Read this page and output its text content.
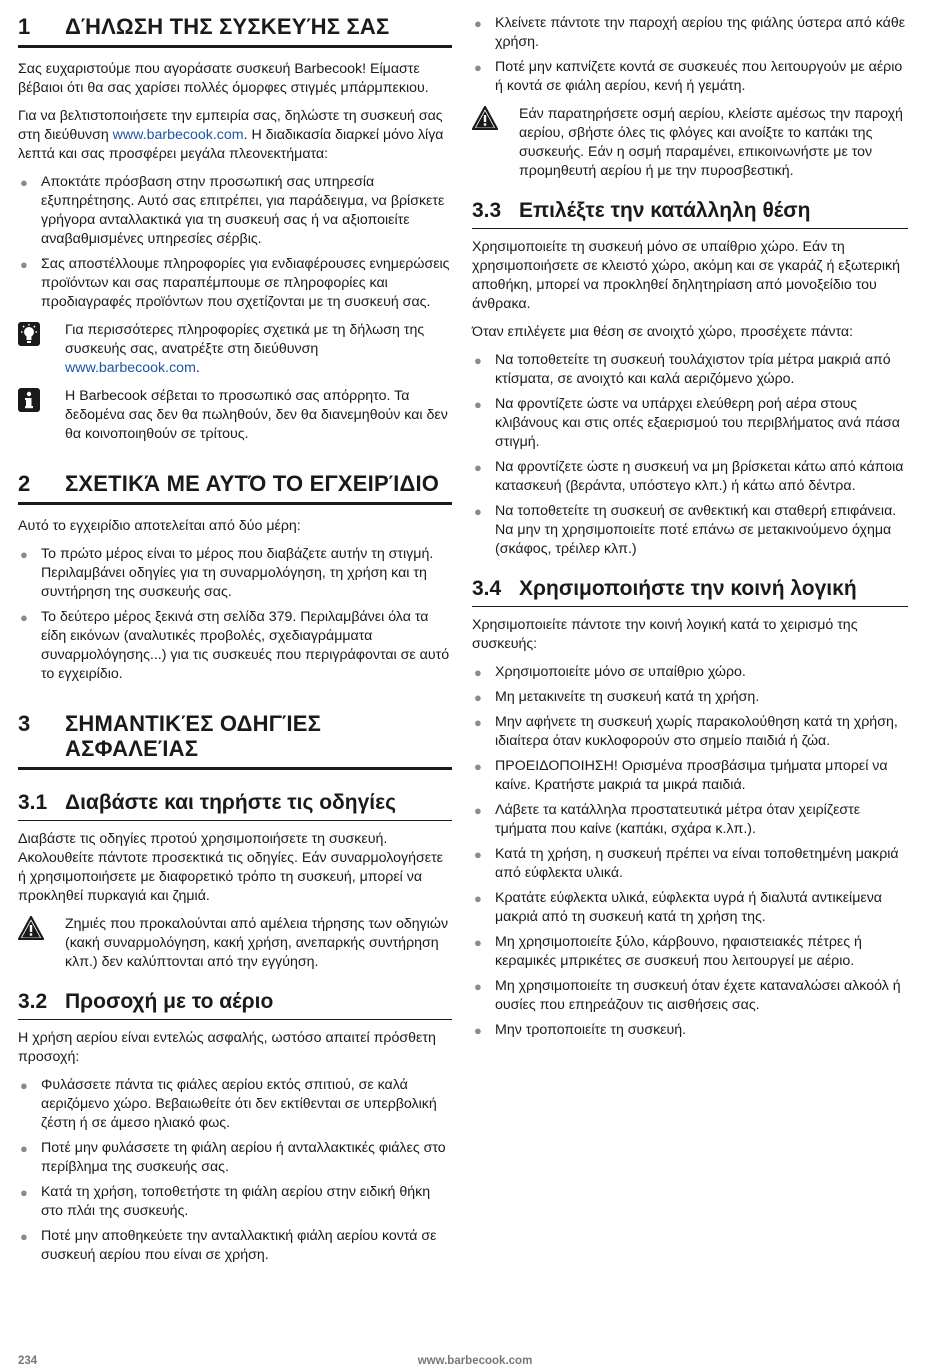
1	ΔΉΛΩΣΗ ΤΗΣ ΣΥΣΚΕΥΉΣ ΣΑΣ

Σας ευχαριστούμε που αγοράσατε συσκευή Barbecook! Είμαστε βέβαιοι ότι θα σας χαρίσει πολλές όμορφες στιγμές μπάρμπεκιου.

Για να βελτιστοποιήσετε την εμπειρία σας, δηλώστε τη συσκευή σας στη διεύθυνση www.barbecook.com. Η διαδικασία διαρκεί μόνο λίγα λεπτά και σας προσφέρει μεγάλα πλεονεκτήματα:

● Αποκτάτε πρόσβαση στην προσωπική σας υπηρεσία εξυπηρέτησης. Αυτό σας επιτρέπει, για παράδειγμα, να βρίσκετε γρήγορα ανταλλακτικά για τη συσκευή σας ή να αξιοποιείτε αναβαθμισμένες υπηρεσίες σέρβις.
● Σας αποστέλλουμε πληροφορίες για ενδιαφέρουσες ενημερώσεις προϊόντων και σας παραπέμπουμε σε πληροφορίες και προδιαγραφές προϊόντων που σχετίζονται με τη συσκευή σας.
Για περισσότερες πληροφορίες σχετικά με τη δήλωση της συσκευής σας, ανατρέξτε στη διεύθυνση www.barbecook.com.
Η Barbecook σέβεται το προσωπικό σας απόρρητο. Τα δεδομένα σας δεν θα πωληθούν, δεν θα διανεμηθούν και δεν θα κοινοποιηθούν σε τρίτους.
2	ΣΧΕΤΙΚΆ ΜΕ ΑΥΤΌ ΤΟ ΕΓΧΕΙΡΊΔΙΟ

Αυτό το εγχειρίδιο αποτελείται από δύο μέρη:

● Το πρώτο μέρος είναι το μέρος που διαβάζετε αυτήν τη στιγμή. Περιλαμβάνει οδηγίες για τη συναρμολόγηση, τη χρήση και τη συντήρηση της συσκευής σας.
● Το δεύτερο μέρος ξεκινά στη σελίδα 379. Περιλαμβάνει όλα τα είδη εικόνων (αναλυτικές προβολές, σχεδιαγράμματα συναρμολόγησης...) για τις συσκευές που περιγράφονται σε αυτό το εγχειρίδιο.
3	ΣΗΜΑΝΤΙΚΈΣ ΟΔΗΓΊΕΣ
ΑΣΦΑΛΕΊΑΣ
3.1 Διαβάστε και τηρήστε τις οδηγίες

Διαβάστε τις οδηγίες προτού χρησιμοποιήσετε τη συσκευή. Ακολουθείτε πάντοτε προσεκτικά τις οδηγίες. Εάν συναρμολογήσετε ή χρησιμοποιήσετε με διαφορετικό τρόπο τη συσκευή, μπορεί να προκληθεί πυρκαγιά και ζημιά.

Ζημιές που προκαλούνται από αμέλεια τήρησης των οδηγιών (κακή συναρμολόγηση, κακή χρήση, ανεπαρκής συντήρηση κλπ.) δεν καλύπτονται από την εγγύηση.
3.2 Προσοχή με το αέριο

Η χρήση αερίου είναι εντελώς ασφαλής, ωστόσο απαιτεί πρόσθετη προσοχή:

● Φυλάσσετε πάντα τις φιάλες αερίου εκτός σπιτιού, σε καλά αεριζόμενο χώρο. Βεβαιωθείτε ότι δεν εκτίθενται σε υπερβολική ζέστη ή σε άμεσο ηλιακό φως.
● Ποτέ μην φυλάσσετε τη φιάλη αερίου ή ανταλλακτικές φιάλες στο περίβλημα της συσκευής σας.
● Κατά τη χρήση, τοποθετήστε τη φιάλη αερίου στην ειδική θήκη στο πλάι της συσκευής.
● Ποτέ μην αποθηκεύετε την ανταλλακτική φιάλη αερίου κοντά σε συσκευή αερίου που είναι σε χρήση.
● Κλείνετε πάντοτε την παροχή αερίου της φιάλης ύστερα από κάθε χρήση.
● Ποτέ μην καπνίζετε κοντά σε συσκευές που λειτουργούν με αέριο ή κοντά σε φιάλη αερίου, κενή ή γεμάτη.
Εάν παρατηρήσετε οσμή αερίου, κλείστε αμέσως την παροχή αερίου, σβήστε όλες τις φλόγες και ανοίξτε το καπάκι της συσκευής. Εάν η οσμή παραμένει, επικοινωνήστε με τον προμηθευτή αερίου ή με την πυροσβεστική.
3.3 Επιλέξτε την κατάλληλη θέση

Χρησιμοποιείτε τη συσκευή μόνο σε υπαίθριο χώρο. Εάν τη χρησιμοποιήσετε σε κλειστό χώρο, ακόμη και σε γκαράζ ή εξωτερική αποθήκη, μπορεί να προκληθεί δηλητηρίαση από μονοξείδιο του άνθρακα.

Όταν επιλέγετε μια θέση σε ανοιχτό χώρο, προσέχετε πάντα:

● Να τοποθετείτε τη συσκευή τουλάχιστον τρία μέτρα μακριά από κτίσματα, σε ανοιχτό και καλά αεριζόμενο χώρο.
● Να φροντίζετε ώστε να υπάρχει ελεύθερη ροή αέρα στους κλιβάνους και στις οπές εξαερισμού του περιβλήματος ανά πάσα στιγμή.
● Να φροντίζετε ώστε η συσκευή να μη βρίσκεται κάτω από κάποια κατασκευή (βεράντα, υπόστεγο κλπ.) ή κάτω από δέντρα.
● Να τοποθετείτε τη συσκευή σε ανθεκτική και σταθερή επιφάνεια. Να μην τη χρησιμοποιείτε ποτέ επάνω σε μετακινούμενο όχημα (σκάφος, τρέιλερ κλπ.)
3.4 Χρησιμοποιήστε την κοινή λογική

Χρησιμοποιείτε πάντοτε την κοινή λογική κατά το χειρισμό της συσκευής:

● Χρησιμοποιείτε μόνο σε υπαίθριο χώρο.
● Μη μετακινείτε τη συσκευή κατά τη χρήση.
● Μην αφήνετε τη συσκευή χωρίς παρακολούθηση κατά τη χρήση, ιδιαίτερα όταν κυκλοφορούν στο σημείο παιδιά ή ζώα.
● ΠΡΟΕΙΔΟΠΟΙΗΣΗ! Ορισμένα προσβάσιμα τμήματα μπορεί να καίνε. Κρατήστε μακριά τα μικρά παιδιά.
● Λάβετε τα κατάλληλα προστατευτικά μέτρα όταν χειρίζεστε τμήματα που καίνε (καπάκι, σχάρα κ.λπ.).
● Κατά τη χρήση, η συσκευή πρέπει να είναι τοποθετημένη μακριά από εύφλεκτα υλικά.
● Κρατάτε εύφλεκτα υλικά, εύφλεκτα υγρά ή διαλυτά αντικείμενα μακριά από τη συσκευή κατά τη χρήση της.
● Μη χρησιμοποιείτε ξύλο, κάρβουνο, ηφαιστειακές πέτρες ή κεραμικές μπρικέτες σε συσκευή που λειτουργεί με αέριο.
● Μη χρησιμοποιείτε τη συσκευή όταν έχετε καταναλώσει αλκοόλ ή ουσίες που επηρεάζουν τις αισθήσεις σας.
● Μην τροποποιείτε τη συσκευή.
234	www.barbecook.com
